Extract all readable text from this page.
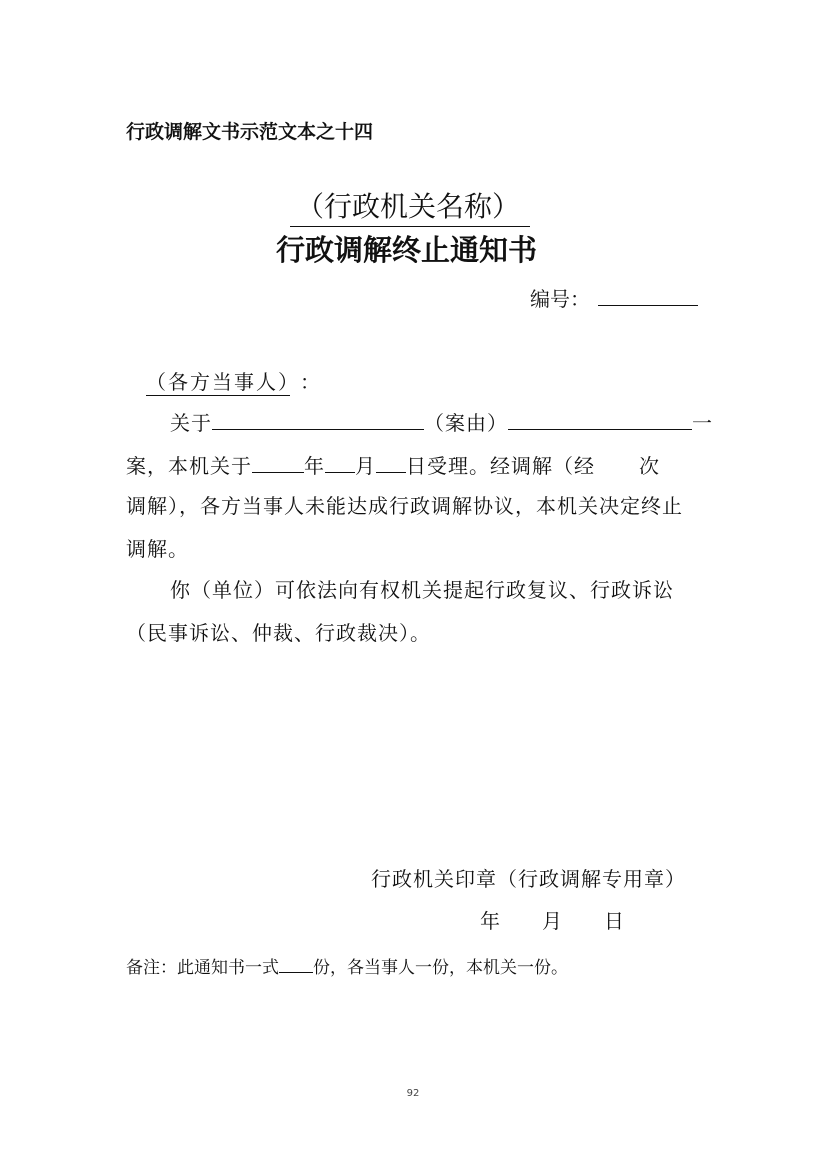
行政调解文书示范文本之十四
（行政机关名称）
行政调解终止通知书
编号：
（各方当事人） ：
关于	（案由）	一
案，本机关于	年 月 日受理。经调解（经 次
调解），各方当事人未能达成行政调解协议，本机关决定终止
调解。
你（单位）可依法向有权机关提起行政复议、行政诉讼
（民事诉讼、仲裁、行政裁决）。
行政机关印章（行政调解专用章）
年 月 日
备注：此通知书一式 份，各当事人一份，本机关一份。
92
